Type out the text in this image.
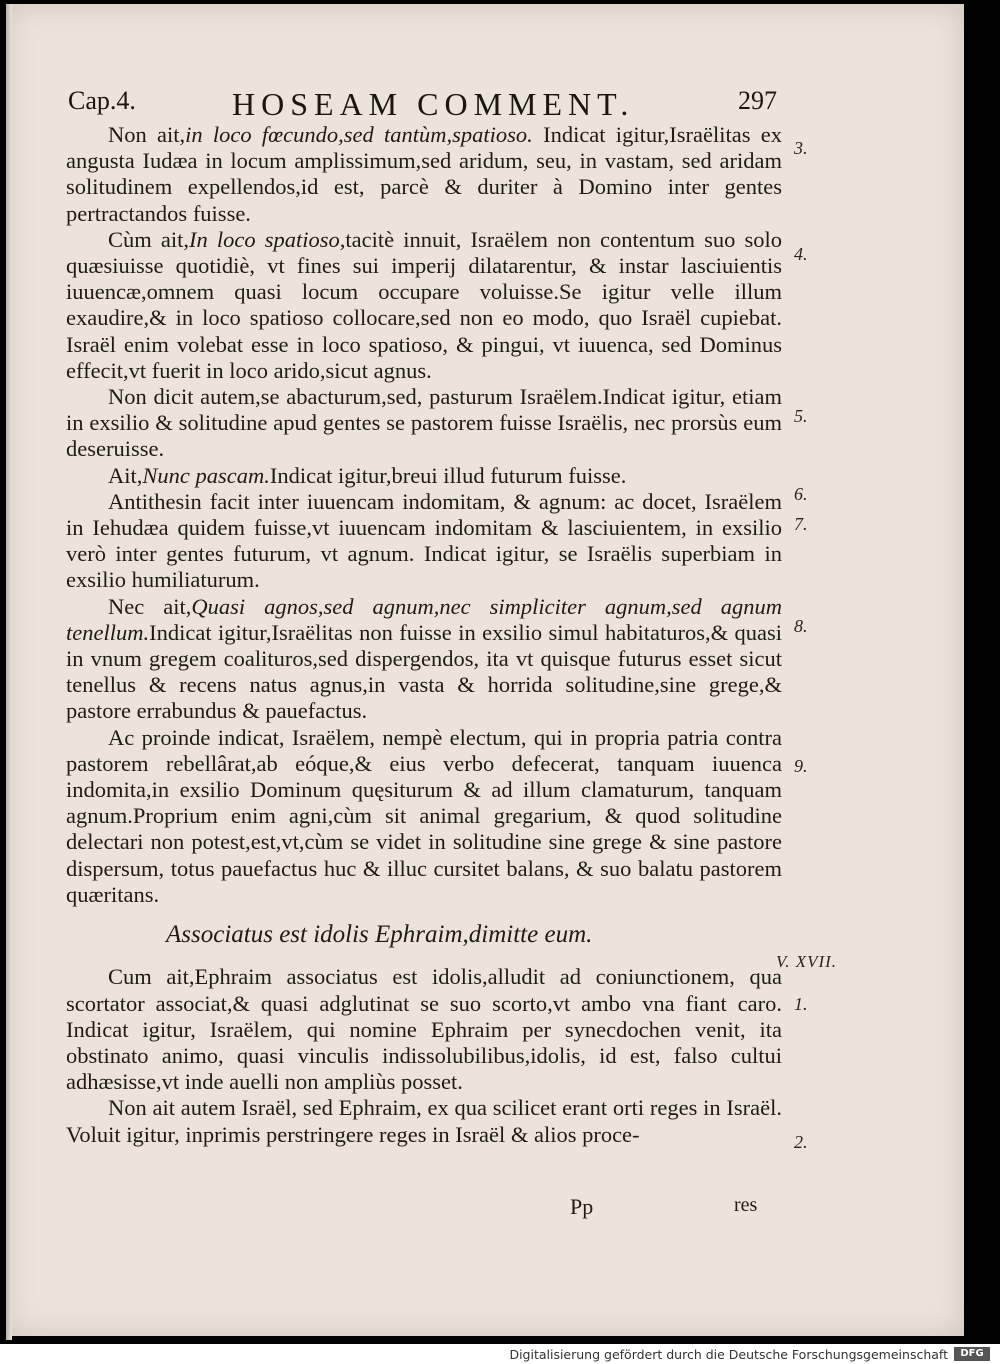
Cap.4.	HOSEAM COMMENT.	297

Non ait,in loco fœcundo,sed tantùm,spatioso. Indicat igitur,Israëlitas ex angusta Iudæa in locum amplissimum,sed aridum, seu, in vastam, sed aridam solitudinem expellendos,id est, parcè & duriter à Domino inter gentes pertractandos fuisse.

Cùm ait,In loco spatioso,tacitè innuit, Israëlem non contentum suo solo quæsiuisse quotidiè, vt fines sui imperij dilatarentur, & instar lasciuientis iuuencæ,omnem quasi locum occupare voluisse.Se igitur velle illum exaudire,& in loco spatioso collocare,sed non eo modo, quo Israël cupiebat. Israël enim volebat esse in loco spatioso, & pingui, vt iuuenca, sed Dominus effecit,vt fuerit in loco arido,sicut agnus.

Non dicit autem,se abacturum,sed, pasturum Israëlem.Indicat igitur, etiam in exsilio & solitudine apud gentes se pastorem fuisse Israëlis, nec prorsùs eum deseruisse.

Ait,Nunc pascam.Indicat igitur,breui illud futurum fuisse.

Antithesin facit inter iuuencam indomitam, & agnum: ac docet, Israëlem in Iehudæa quidem fuisse,vt iuuencam indomitam & lasciuientem, in exsilio verò inter gentes futurum, vt agnum. Indicat igitur, se Israëlis superbiam in exsilio humiliaturum.

Nec ait,Quasi agnos,sed agnum,nec simpliciter agnum,sed agnum tenellum.Indicat igitur,Israëlitas non fuisse in exsilio simul habitaturos,& quasi in vnum gregem coalituros,sed dispergendos, ita vt quisque futurus esset sicut tenellus & recens natus agnus,in vasta & horrida solitudine,sine grege,& pastore errabundus & pauefactus.

Ac proinde indicat, Israëlem, nempè electum, qui in propria patria contra pastorem rebellârat,ab eóque,& eius verbo defecerat, tanquam iuuenca indomita,in exsilio Dominum quęsiturum & ad illum clamaturum, tanquam agnum.Proprium enim agni,cùm sit animal gregarium, & quod solitudine delectari non potest,est,vt,cùm se videt in solitudine sine grege & sine pastore dispersum, totus pauefactus huc & illuc cursitet balans, & suo balatu pastorem quæritans.

Associatus est idolis Ephraim,dimitte eum.

Cum ait,Ephraim associatus est idolis,alludit ad coniunctionem, qua scortator associat,& quasi adglutinat se suo scorto,vt ambo vna fiant caro. Indicat igitur, Israëlem, qui nomine Ephraim per synecdochen venit, ita obstinato animo, quasi vinculis indissolubilibus,idolis, id est, falso cultui adhæsisse,vt inde auelli non ampliùs posset.

Non ait autem Israël, sed Ephraim, ex qua scilicet erant orti reges in Israël. Voluit igitur, inprimis perstringere reges in Israël & alios proce-

3.
4.
5.
6.
7.
8.
9.
V. XVII.
1.
2.
Pp	res
Digitalisierung gefördert durch die Deutsche Forschungsgemeinschaft	DFG
